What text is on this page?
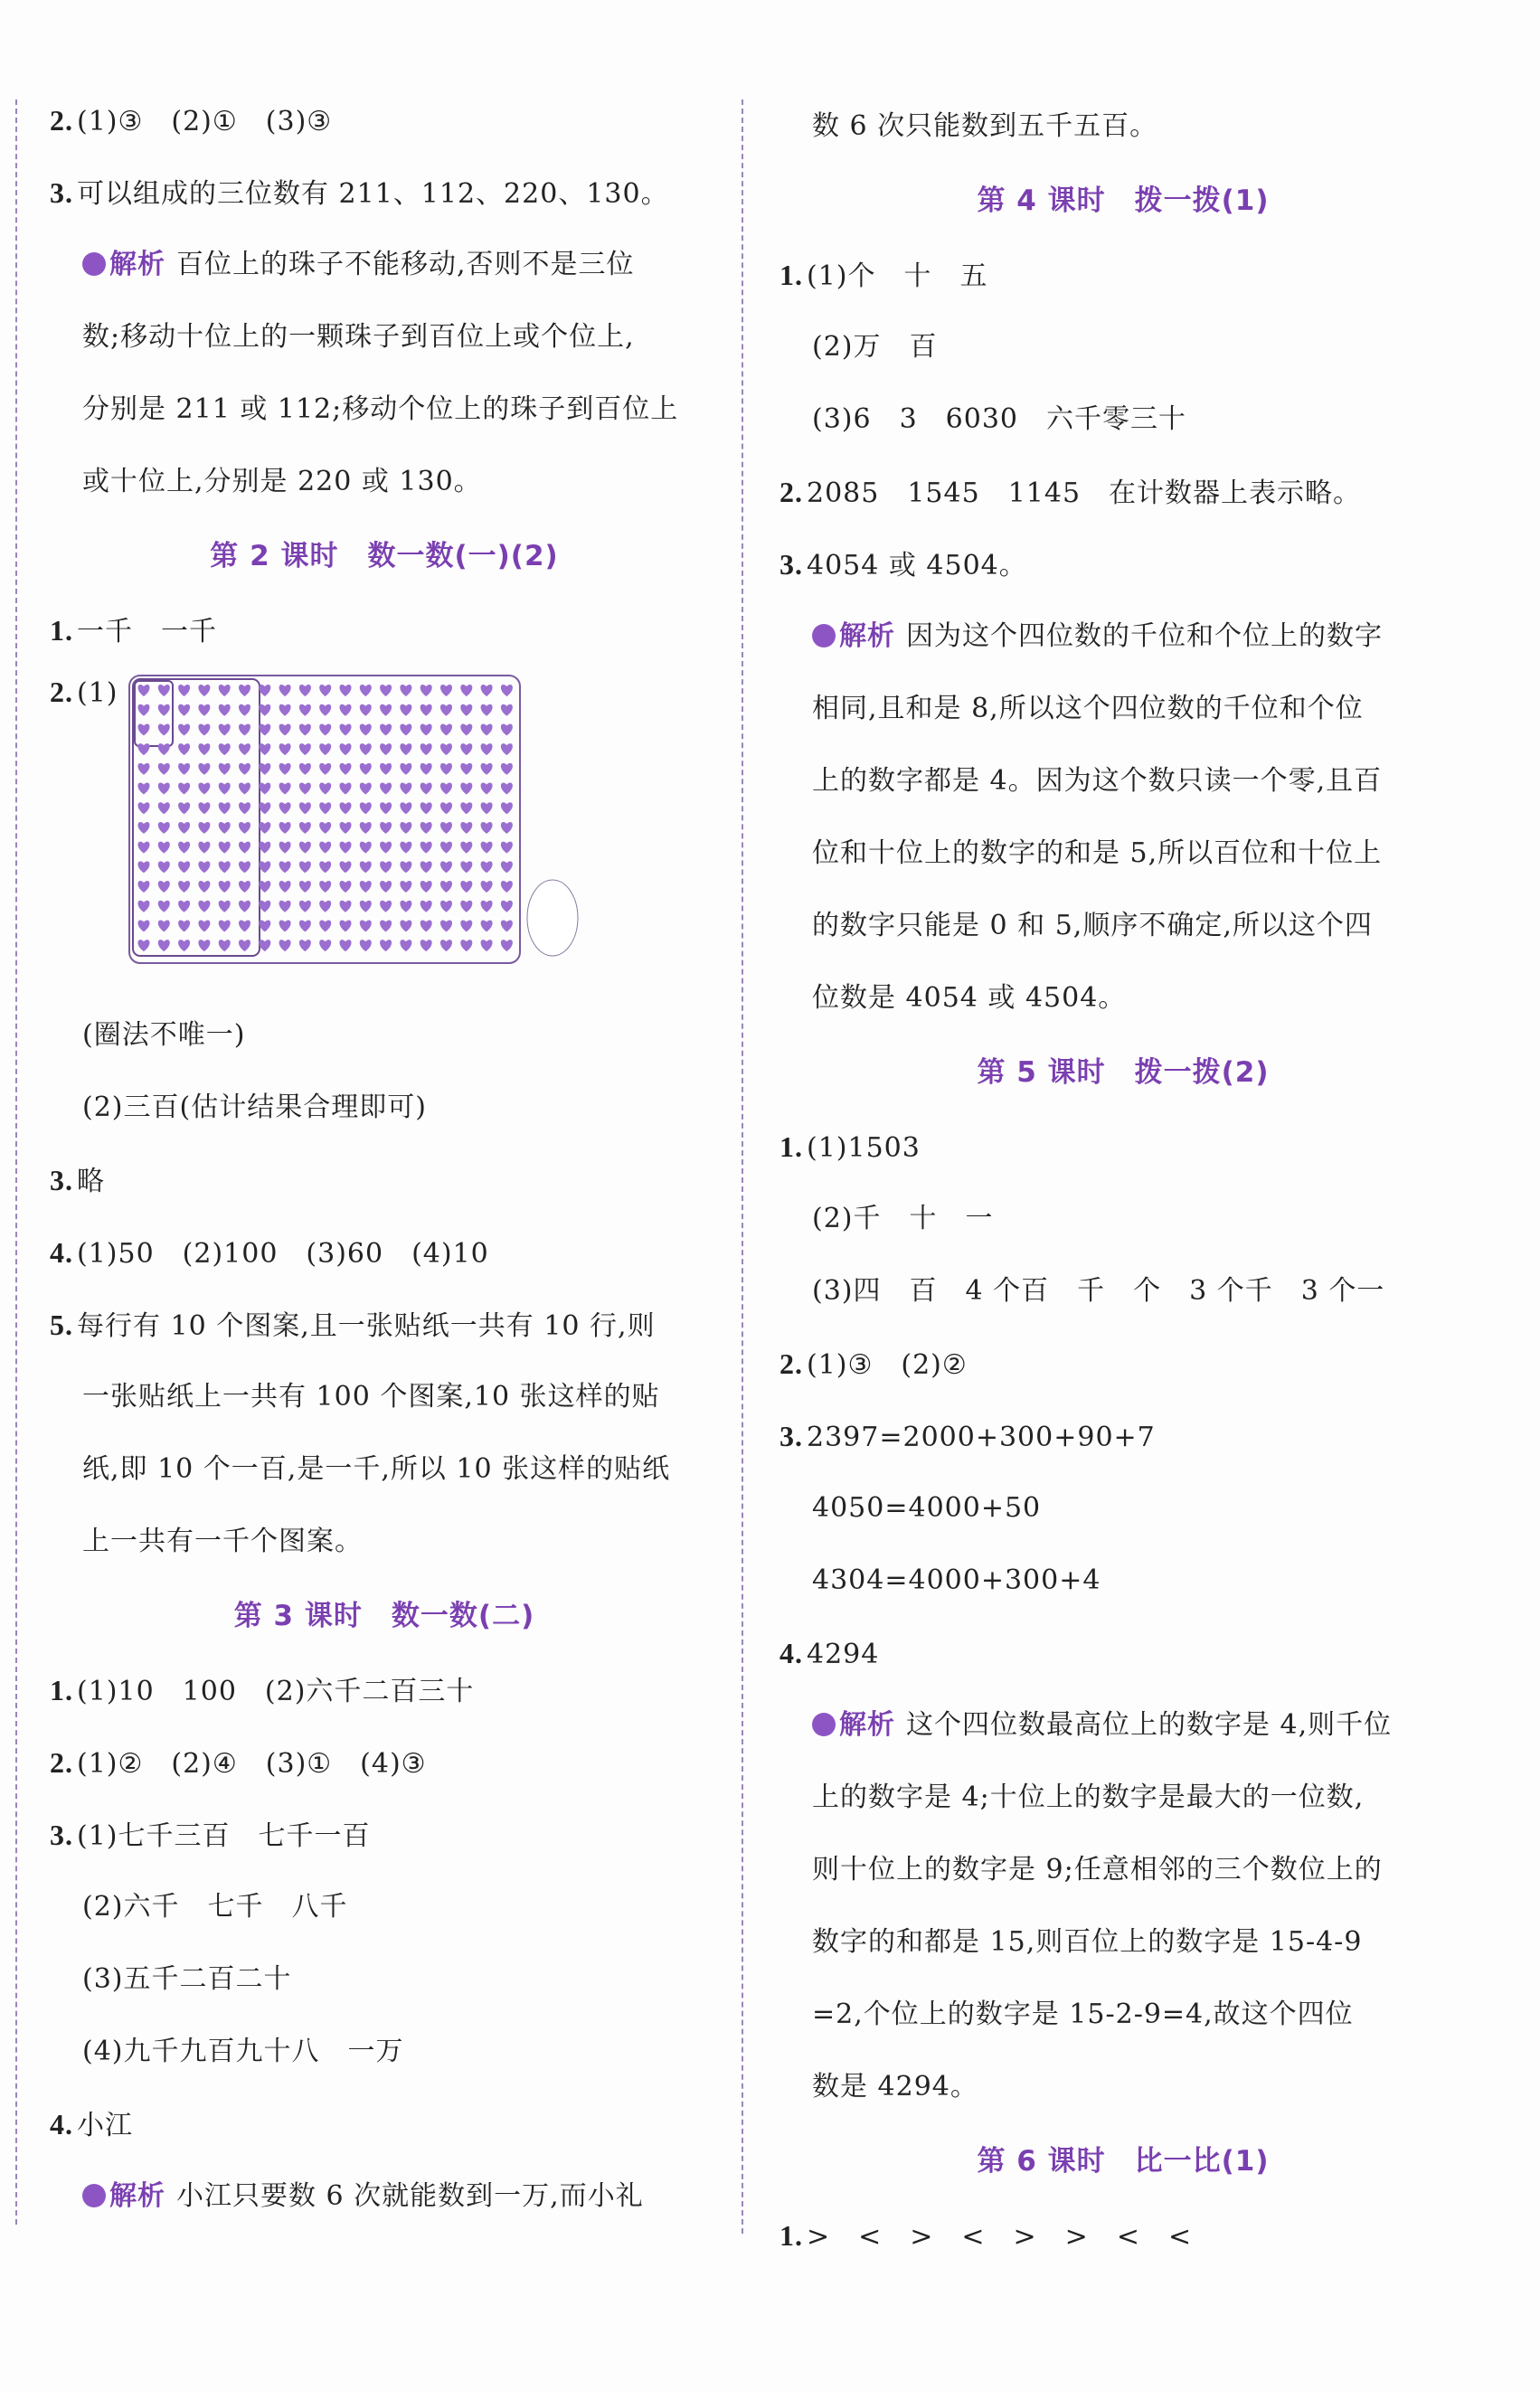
2. (1)③　(2)①　(3)③
3. 可以组成的三位数有 211、112、220、130。
解析 百位上的珠子不能移动,否则不是三位
数;移动十位上的一颗珠子到百位上或个位上,
分别是 211 或 112;移动个位上的珠子到百位上
或十位上,分别是 220 或 130。
第 2 课时　数一数(一)(2)
1. 一千　一千
2. (1)
(圈法不唯一)
(2)三百(估计结果合理即可)
3. 略
4. (1)50　(2)100　(3)60　(4)10
5. 每行有 10 个图案,且一张贴纸一共有 10 行,则
一张贴纸上一共有 100 个图案,10 张这样的贴
纸,即 10 个一百,是一千,所以 10 张这样的贴纸
上一共有一千个图案。
第 3 课时　数一数(二)
1. (1)10　100　(2)六千二百三十
2. (1)②　(2)④　(3)①　(4)③
3. (1)七千三百　七千一百
(2)六千　七千　八千
(3)五千二百二十
(4)九千九百九十八　一万
4. 小江
解析 小江只要数 6 次就能数到一万,而小礼
数 6 次只能数到五千五百。
第 4 课时　拨一拨(1)
1. (1)个　十　五
(2)万　百
(3)6　3　6030　六千零三十
2. 2085　1545　1145　在计数器上表示略。
3. 4054 或 4504。
解析 因为这个四位数的千位和个位上的数字
相同,且和是 8,所以这个四位数的千位和个位
上的数字都是 4。因为这个数只读一个零,且百
位和十位上的数字的和是 5,所以百位和十位上
的数字只能是 0 和 5,顺序不确定,所以这个四
位数是 4054 或 4504。
第 5 课时　拨一拨(2)
1. (1)1503
(2)千　十　一
(3)四　百　4 个百　千　个　3 个千　3 个一
2. (1)③　(2)②
3. 2397=2000+300+90+7
4050=4000+50
4304=4000+300+4
4. 4294
解析 这个四位数最高位上的数字是 4,则千位
上的数字是 4;十位上的数字是最大的一位数,
则十位上的数字是 9;任意相邻的三个数位上的
数字的和都是 15,则百位上的数字是 15-4-9
=2,个位上的数字是 15-2-9=4,故这个四位
数是 4294。
第 6 课时　比一比(1)
1. >　<　>　<　>　>　<　<
